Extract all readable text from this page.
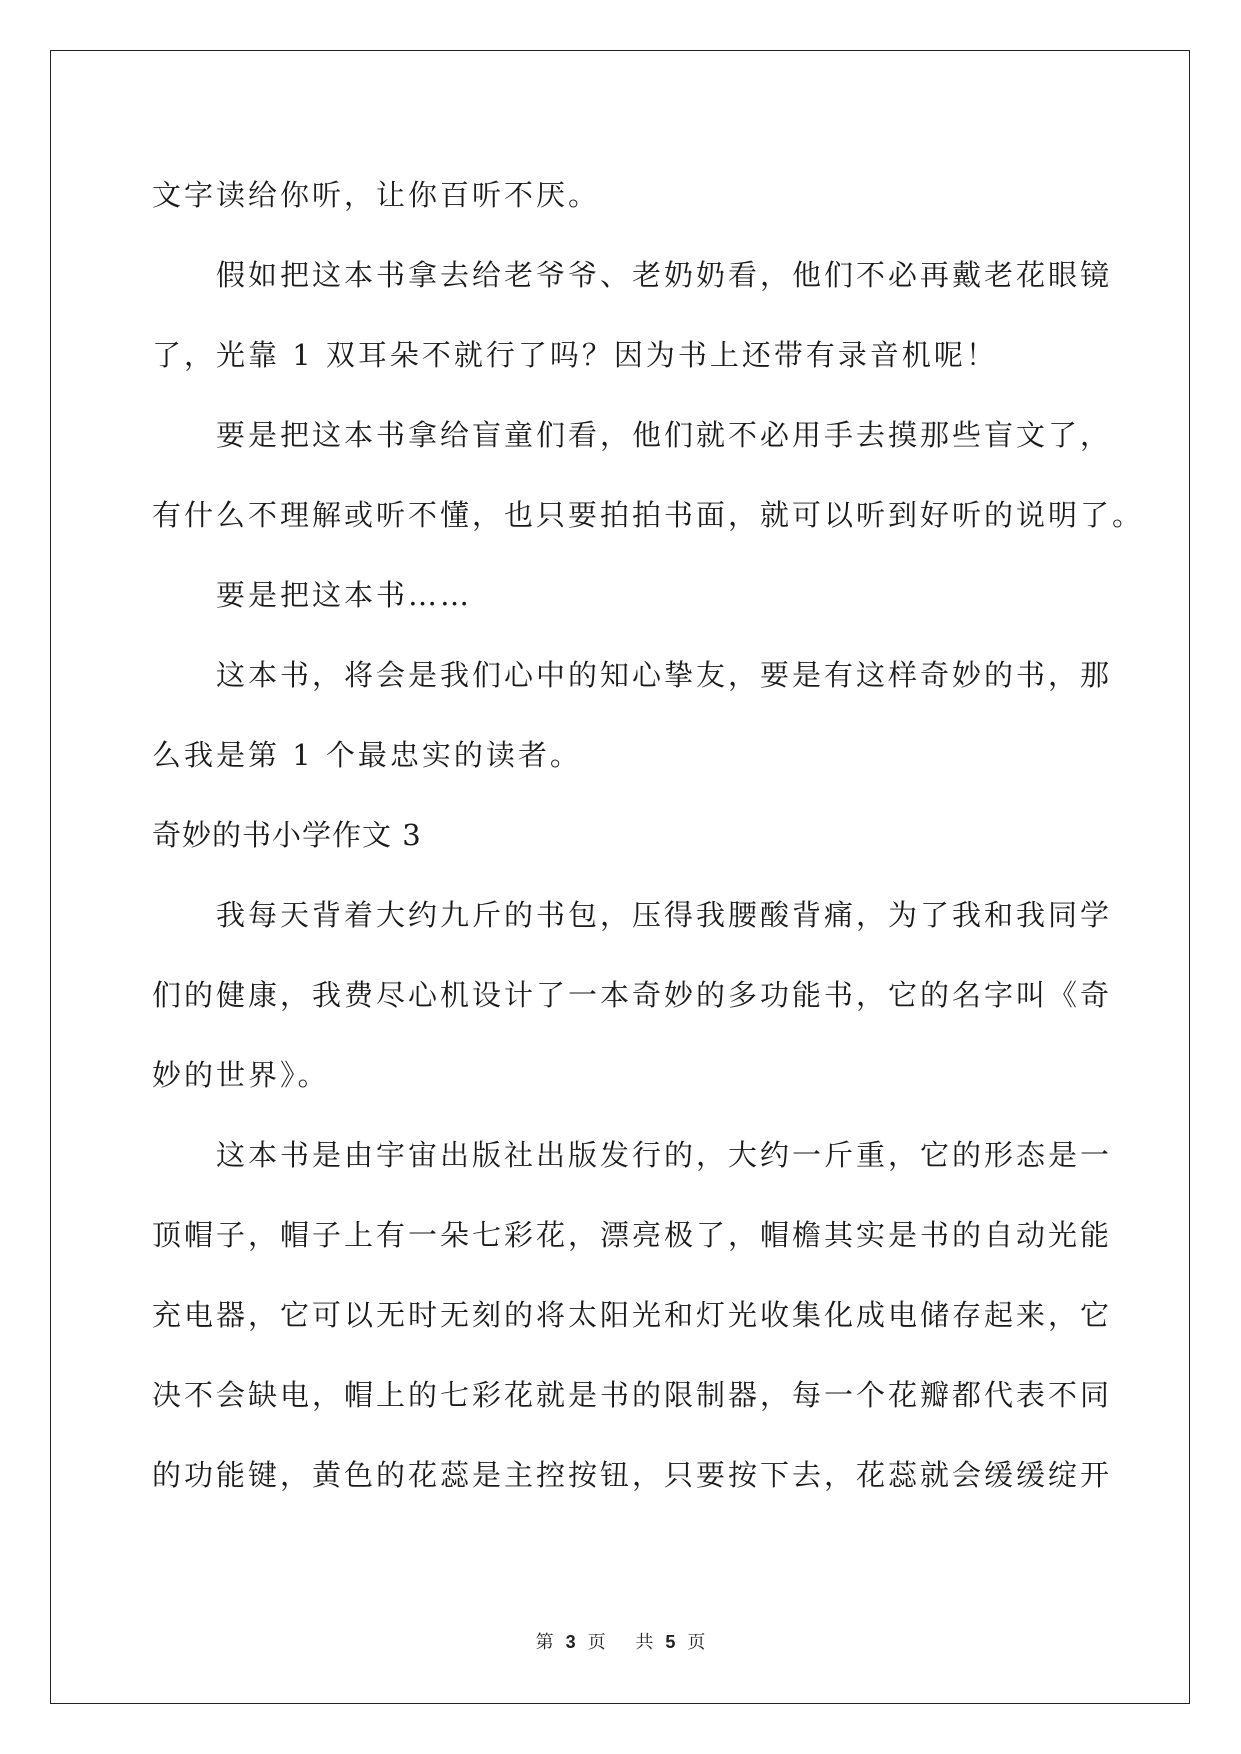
文字读给你听，让你百听不厌。
假如把这本书拿去给老爷爷、老奶奶看，他们不必再戴老花眼镜
了，光靠 1 双耳朵不就行了吗？因为书上还带有录音机呢！
要是把这本书拿给盲童们看，他们就不必用手去摸那些盲文了，
有什么不理解或听不懂，也只要拍拍书面，就可以听到好听的说明了。
要是把这本书……
这本书，将会是我们心中的知心挚友，要是有这样奇妙的书，那
么我是第 1 个最忠实的读者。
奇妙的书小学作文 3
我每天背着大约九斤的书包，压得我腰酸背痛，为了我和我同学
们的健康，我费尽心机设计了一本奇妙的多功能书，它的名字叫《奇
妙的世界》。
这本书是由宇宙出版社出版发行的，大约一斤重，它的形态是一
顶帽子，帽子上有一朵七彩花，漂亮极了，帽檐其实是书的自动光能
充电器，它可以无时无刻的将太阳光和灯光收集化成电储存起来，它
决不会缺电，帽上的七彩花就是书的限制器，每一个花瓣都代表不同
的功能键，黄色的花蕊是主控按钮，只要按下去，花蕊就会缓缓绽开
第 3 页 共 5 页
